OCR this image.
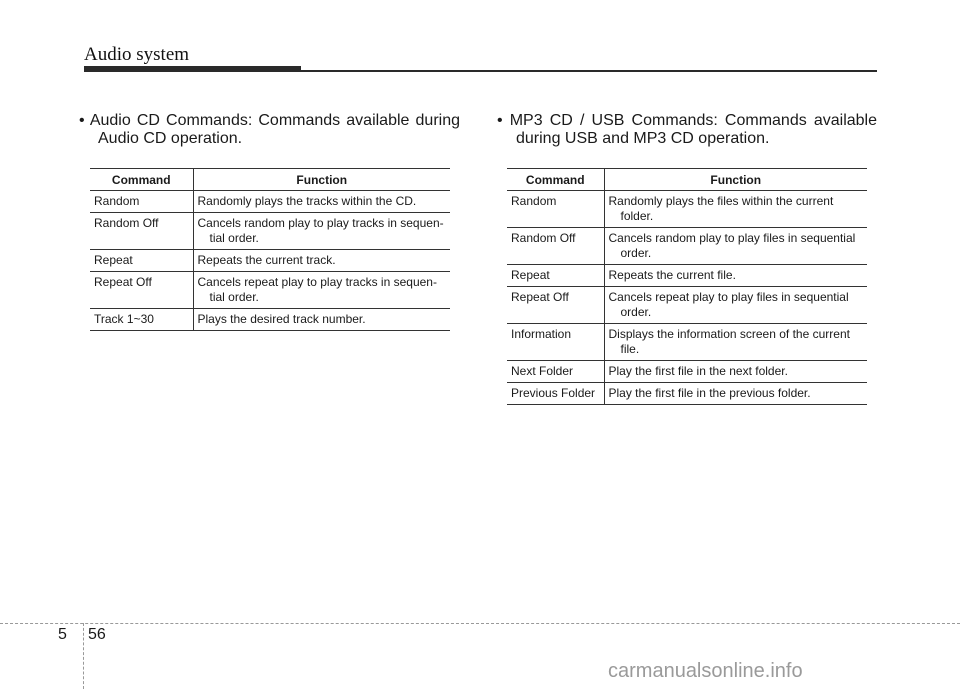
Audio system
• Audio CD Commands: Commands available during
Audio CD operation.
Command	Function
Random	Randomly plays the tracks within the CD.

Random Off	Cancels random play to play tracks in sequen-
tial order.

Repeat	Repeats the current track.

Repeat Off	Cancels repeat play to play tracks in sequen-
tial order.

Track 1~30	Plays the desired track number.
• MP3 CD / USB Commands: Commands available
during USB and MP3 CD operation.
Command	Function
Random	Randomly plays the files within the current
folder.

Random Off	Cancels random play to play files in sequential
order.

Repeat	Repeats the current file.

Repeat Off	Cancels repeat play to play files in sequential
order.

Information	Displays the information screen of the current
file.

Next Folder	Play the first file in the next folder.

Previous Folder	Play the first file in the previous folder.
5 56
carmanualsonline.info
